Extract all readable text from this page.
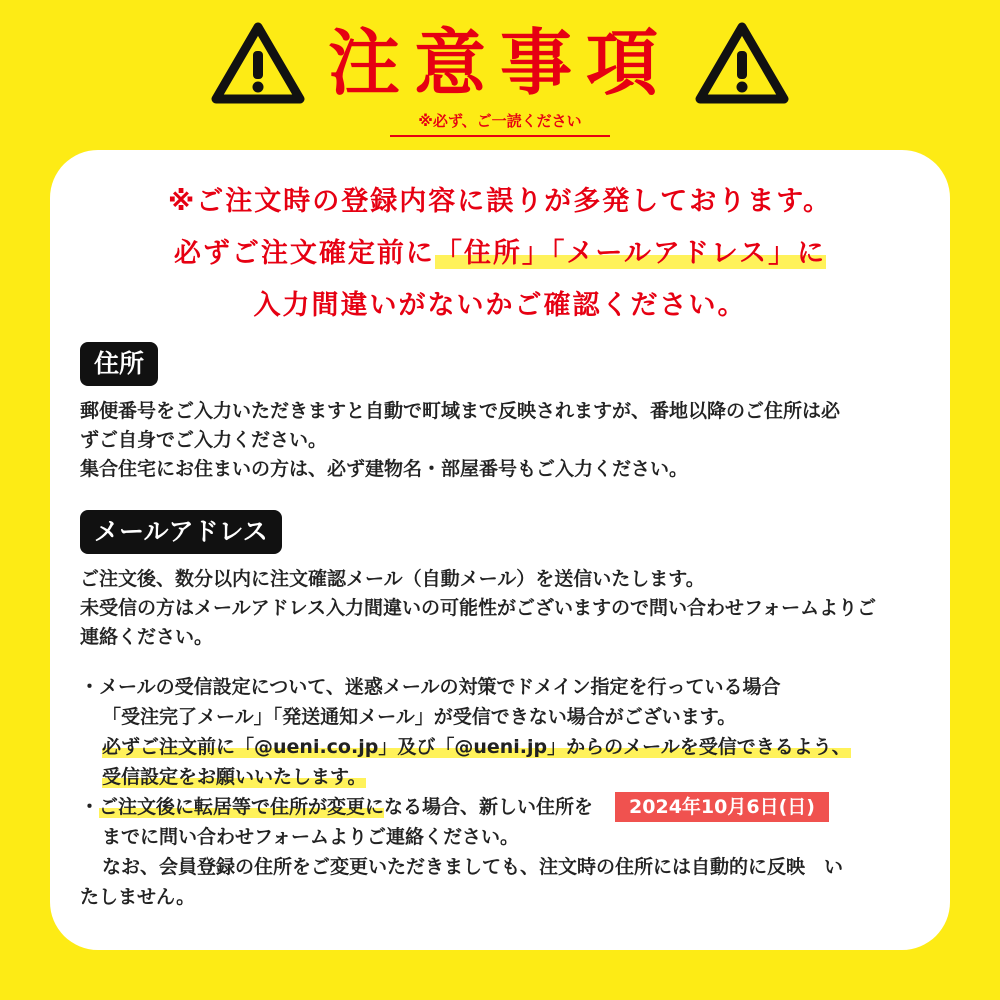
注意事項
※必ず、ご一読ください
※ご注文時の登録内容に誤りが多発しております。
必ずご注文確定前に「住所」「メールアドレス」に
入力間違いがないかご確認ください。
住所

郵便番号をご入力いただきますと自動で町域まで反映されますが、番地以降のご住所は必

ずご自身でご入力ください。

集合住宅にお住まいの方は、必ず建物名・部屋番号もご入力ください。

メールアドレス

ご注文後、数分以内に注文確認メール（自動メール）を送信いたします。

未受信の方はメールアドレス入力間違いの可能性がございますので問い合わせフォームよりご

連絡ください。

・メールの受信設定について、迷惑メールの対策でドメイン指定を行っている場合
「受注完了メール」「発送通知メール」が受信できない場合がございます。
必ずご注文前に「@ueni.co.jp」及び「@ueni.jp」からのメールを受信できるよう、
受信設定をお願いいたします。
・ご注文後に転居等で住所が変更になる場合、新しい住所を 2024年10月6日(日)
までに問い合わせフォームよりご連絡ください。
なお、会員登録の住所をご変更いただきましても、注文時の住所には自動的に反映　い
たしません。
